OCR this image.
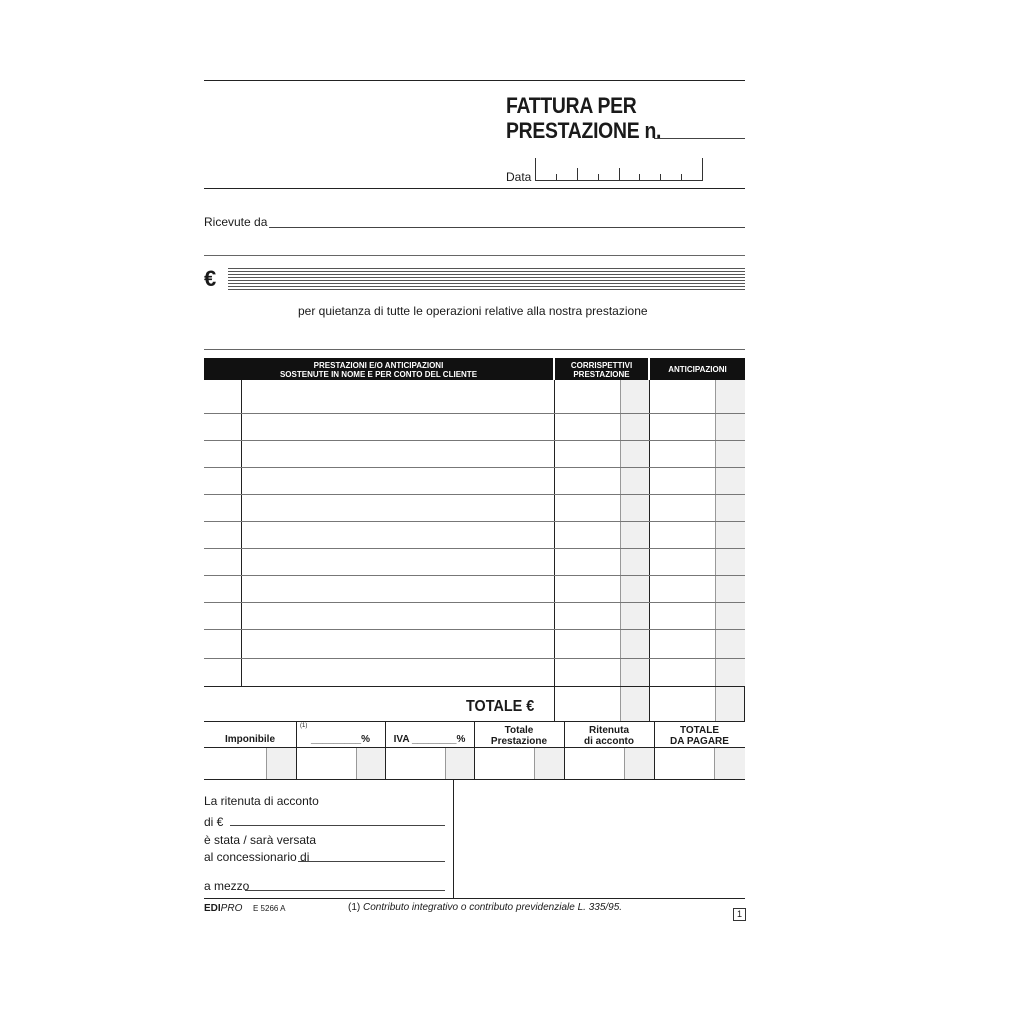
FATTURA PER
PRESTAZIONE n.
Data
Ricevute da
€
per quietanza di tutte le operazioni relative alla nostra prestazione
PRESTAZIONI E/O ANTICIPAZIONI
SOSTENUTE IN NOME E PER CONTO DEL CLIENTE
CORRISPETTIVI
PRESTAZIONE
ANTICIPAZIONI
TOTALE €
Imponibile
(1)
_________%	IVA ________%
Totale
Prestazione
Ritenuta
di acconto
TOTALE
DA PAGARE
La ritenuta di acconto
di €
è stata / sarà versata
al concessionario di
a mezzo
EDIPRO E 5266 A	(1) Contributo integrativo o contributo previdenziale L. 335/95.
1
